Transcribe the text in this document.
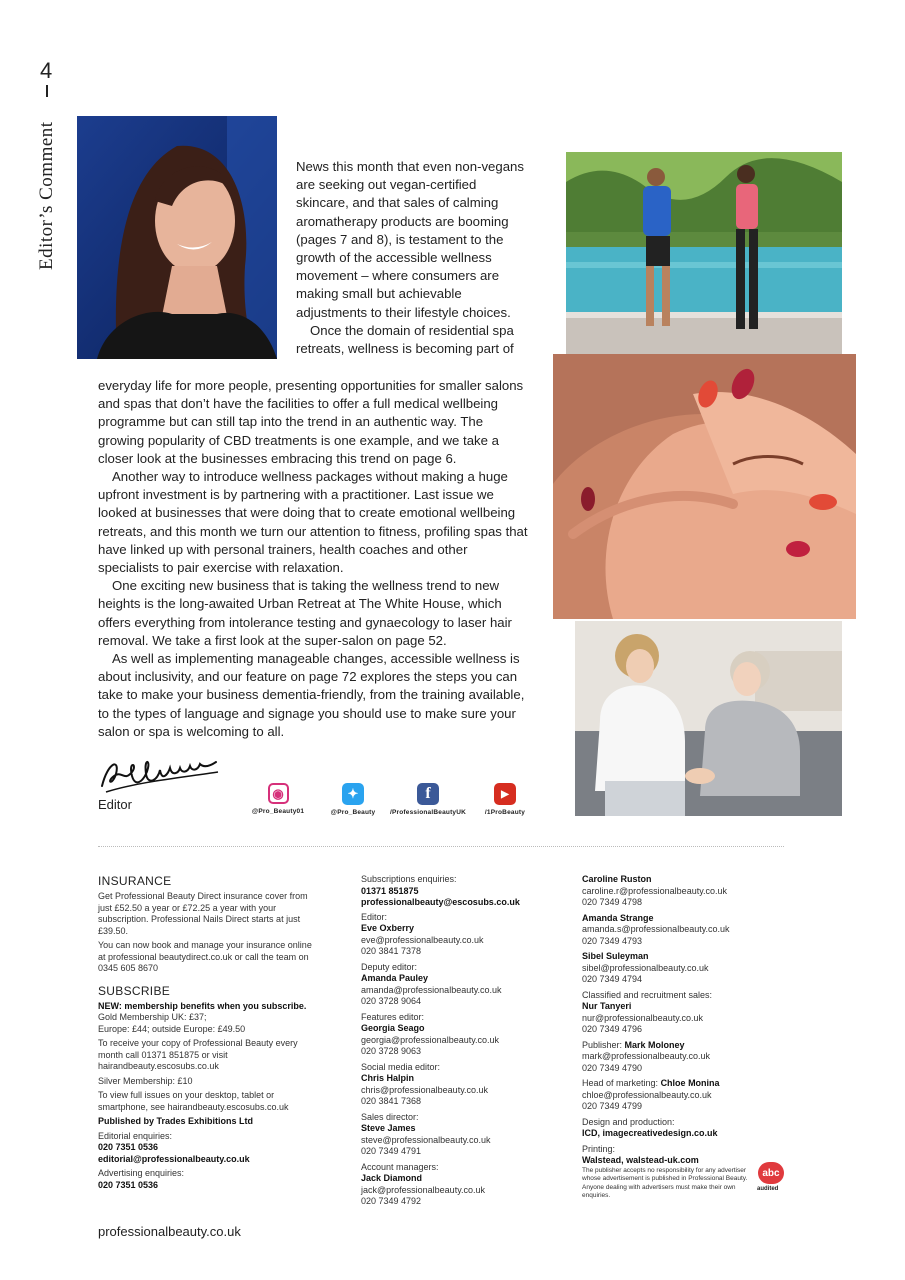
4
Editor’s Comment	News this month that even non-vegans are seeking out vegan-certified skincare, and that sales of calming aromatherapy products are booming (pages 7 and 8), is testament to the growth of the accessible wellness movement – where consumers are making small but achievable adjustments to their lifestyle choices.

Once the domain of residential spa retreats, wellness is becoming part of

everyday life for more people, presenting opportunities for smaller salons and spas that don’t have the facilities to offer a full medical wellbeing programme but can still tap into the trend in an authentic way. The growing popularity of CBD treatments is one example, and we take a closer look at the businesses embracing this trend on page 6.

Another way to introduce wellness packages without making a huge upfront investment is by partnering with a practitioner. Last issue we looked at businesses that were doing that to create emotional wellbeing retreats, and this month we turn our attention to fitness, profiling spas that have linked up with personal trainers, health coaches and other specialists to pair exercise with relaxation.

One exciting new business that is taking the wellness trend to new heights is the long-awaited Urban Retreat at The White House, which offers everything from intolerance testing and gynaecology to laser hair removal. We take a first look at the super-salon on page 52.

As well as implementing manageable changes, accessible wellness is about inclusivity, and our feature on page 72 explores the steps you can take to make your business dementia-friendly, from the training available, to the types of language and signage you should use to make sure your salon or spa is welcoming to all.

Editor
◉
@Pro_Beauty01
✦
@Pro_Beauty
f
/ProfessionalBeautyUK
▶
/1ProBeauty
INSURANCE

Get Professional Beauty Direct insurance cover from just £52.50 a year or £72.25 a year with your subscription. Professional Nails Direct starts at just £39.50.

You can now book and manage your insurance online at professional beautydirect.co.uk or call the team on 0345 605 8670

SUBSCRIBE
NEW: membership benefits when you subscribe.
Gold Membership UK: £37;

Europe: £44; outside Europe: £49.50

To receive your copy of Professional Beauty every month call 01371 851875 or visit hairandbeauty.escosubs.co.uk

Silver Membership: £10

To view full issues on your desktop, tablet or smartphone, see hairandbeauty.escosubs.co.uk

Published by Trades Exhibitions Ltd

Editorial enquiries:
020 7351 0536

editorial@professionalbeauty.co.uk

Advertising enquiries:
020 7351 0536
Subscriptions enquiries:
01371 851875

professionalbeauty@escosubs.co.uk

Editor:
Eve Oxberry
eve@professionalbeauty.co.uk
020 3841 7378
Deputy editor:
Amanda Pauley
amanda@professionalbeauty.co.uk
020 3728 9064
Features editor:
Georgia Seago
georgia@professionalbeauty.co.uk
020 3728 9063
Social media editor:
Chris Halpin
chris@professionalbeauty.co.uk
020 3841 7368
Sales director:
Steve James
steve@professionalbeauty.co.uk
020 7349 4791
Account managers:
Jack Diamond
jack@professionalbeauty.co.uk
020 7349 4792
Caroline Ruston
caroline.r@professionalbeauty.co.uk
020 7349 4798
Amanda Strange
amanda.s@professionalbeauty.co.uk
020 7349 4793
Sibel Suleyman
sibel@professionalbeauty.co.uk
020 7349 4794
Classified and recruitment sales:
Nur Tanyeri
nur@professionalbeauty.co.uk
020 7349 4796
Publisher: Mark Moloney
mark@professionalbeauty.co.uk
020 7349 4790
Head of marketing: Chloe Monina
chloe@professionalbeauty.co.uk
020 7349 4799
Design and production:
ICD, imagecreativedesign.co.uk
Printing:
Walstead, walstead-uk.com
The publisher accepts no responsibility for any advertiser whose advertisement is published in Professional Beauty. Anyone dealing with advertisers must make their own enquiries.
abc
audited
professionalbeauty.co.uk
